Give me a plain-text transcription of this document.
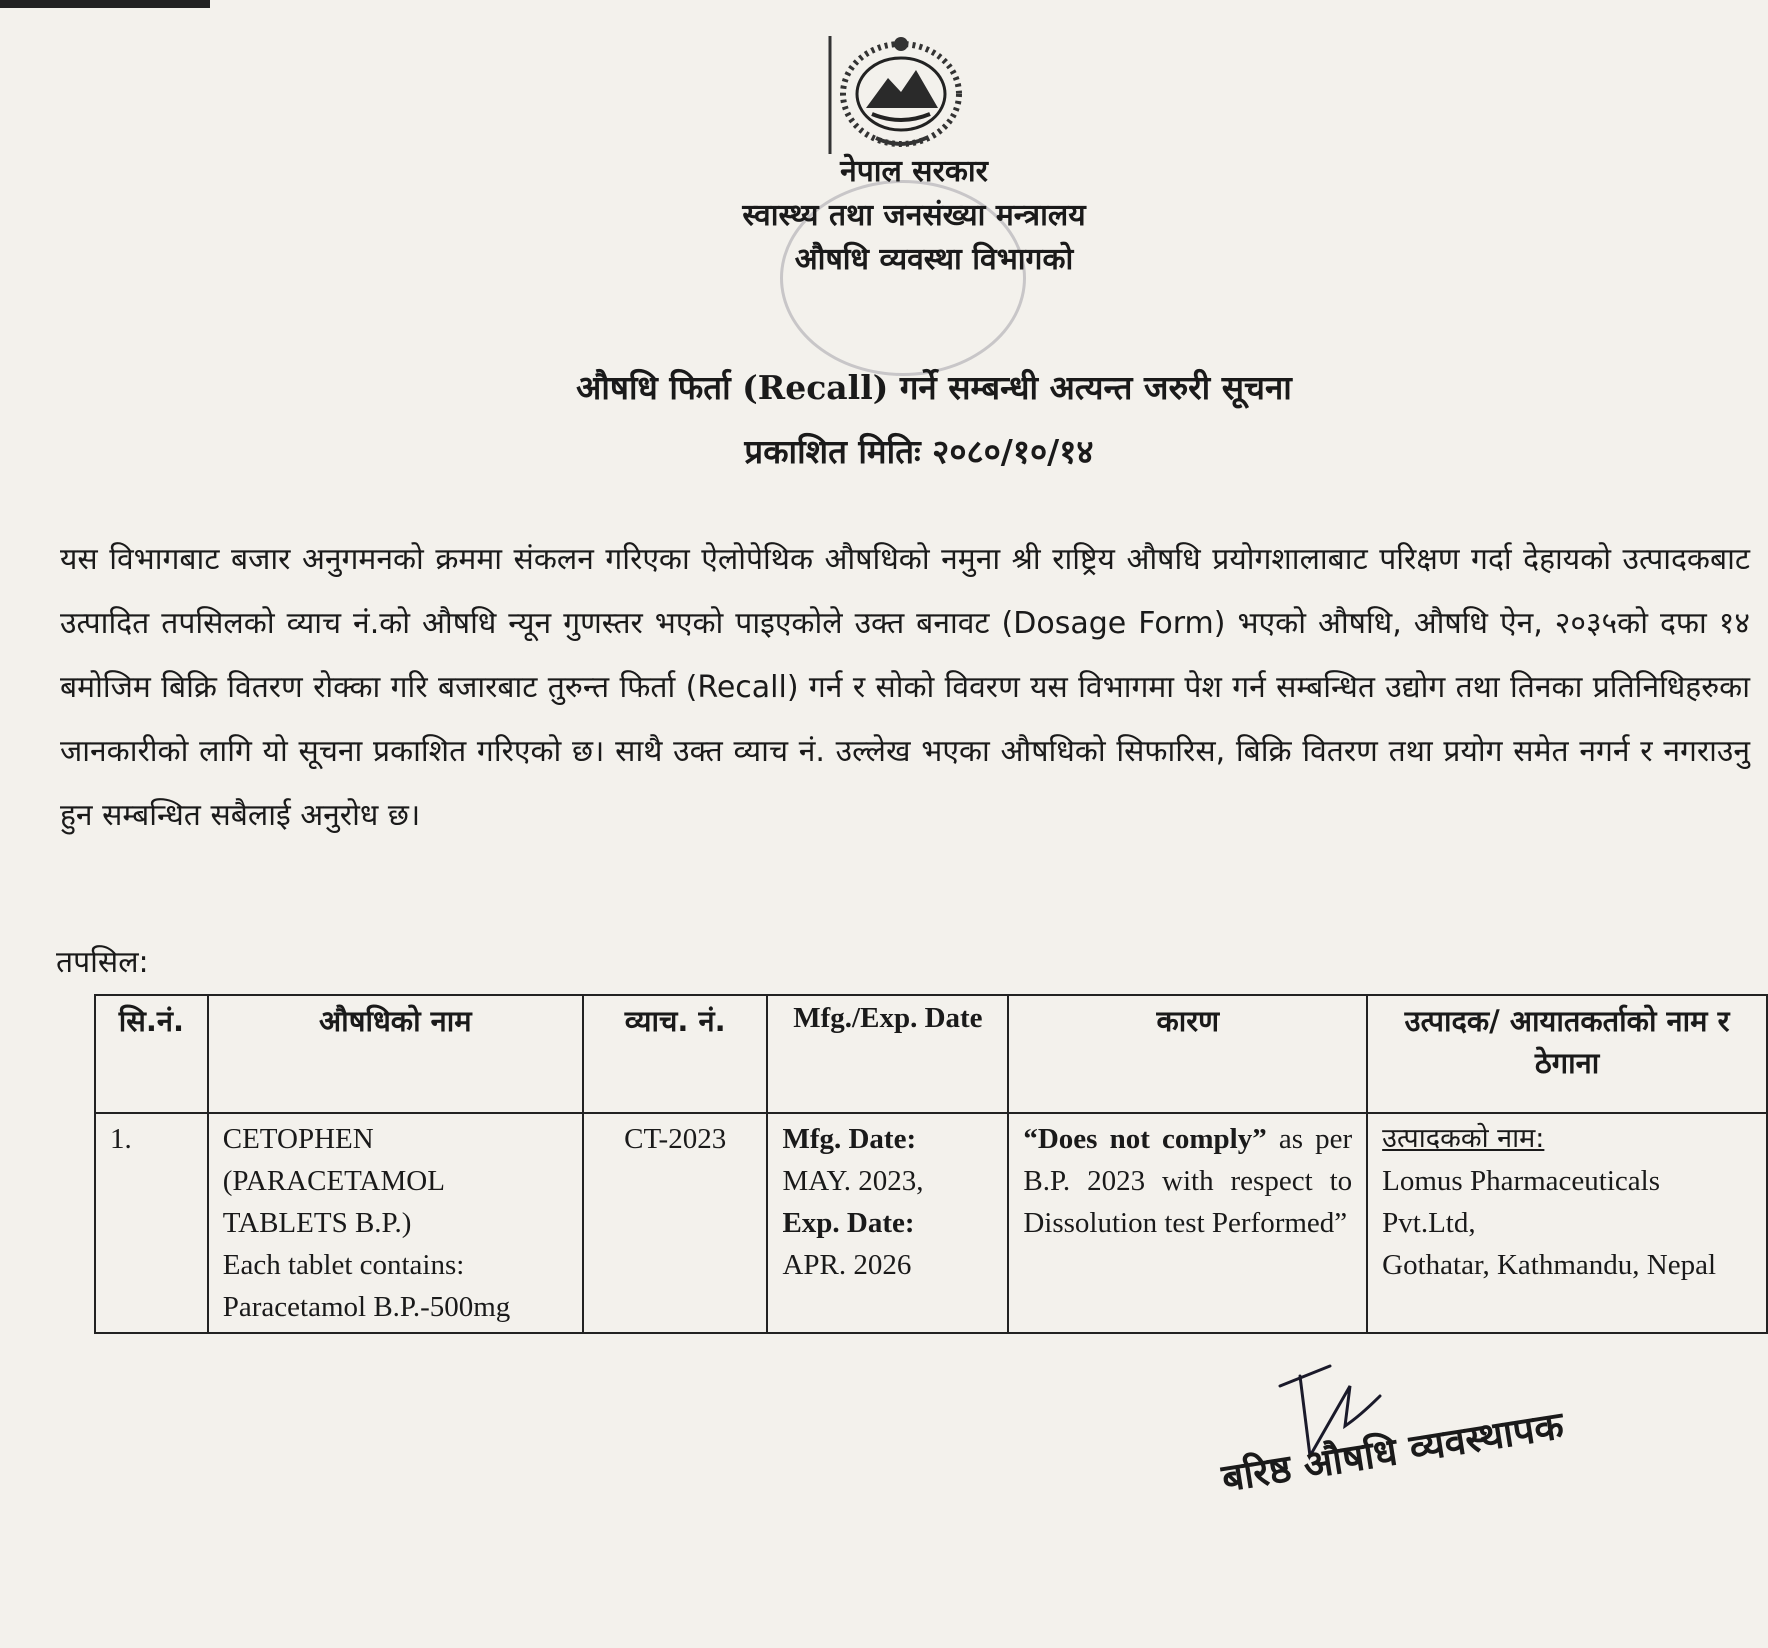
नेपाल सरकार
स्वास्थ्य तथा जनसंख्या मन्त्रालय
औषधि व्यवस्था विभागको
औषधि फिर्ता (Recall) गर्ने सम्बन्धी अत्यन्त जरुरी सूचना
प्रकाशित मितिः २०८०/१०/१४
यस विभागबाट बजार अनुगमनको क्रममा संकलन गरिएका ऐलोपेथिक औषधिको नमुना श्री राष्ट्रिय औषधि प्रयोगशालाबाट परिक्षण गर्दा देहायको उत्पादकबाट उत्पादित तपसिलको व्याच नं.को औषधि न्यून गुणस्तर भएको पाइएकोले उक्त बनावट (Dosage Form) भएको औषधि, औषधि ऐन, २०३५को दफा १४ बमोजिम बिक्रि वितरण रोक्का गरि बजारबाट तुरुन्त फिर्ता (Recall) गर्न र सोको विवरण यस विभागमा पेश गर्न सम्बन्धित उद्योग तथा तिनका प्रतिनिधिहरुका जानकारीको लागि यो सूचना प्रकाशित गरिएको छ। साथै उक्त व्याच नं. उल्लेख भएका औषधिको सिफारिस, बिक्रि वितरण तथा प्रयोग समेत नगर्न र नगराउनु हुन सम्बन्धित सबैलाई अनुरोध छ।
तपसिल:
सि.नं.	औषधिको नाम	व्याच. नं.	Mfg./Exp. Date	कारण	उत्पादक/ आयातकर्ताको नाम र ठेगाना
1.	CETOPHEN
(PARACETAMOL
TABLETS B.P.)
Each tablet contains:
Paracetamol B.P.-500mg	CT-2023	Mfg. Date:
MAY. 2023,
Exp. Date:
APR. 2026	“Does not comply” as per B.P. 2023 with respect to Dissolution test Performed”	उत्पादकको नाम:
Lomus Pharmaceuticals
Pvt.Ltd,
Gothatar, Kathmandu, Nepal
बरिष्ठ औषधि व्यवस्थापक
